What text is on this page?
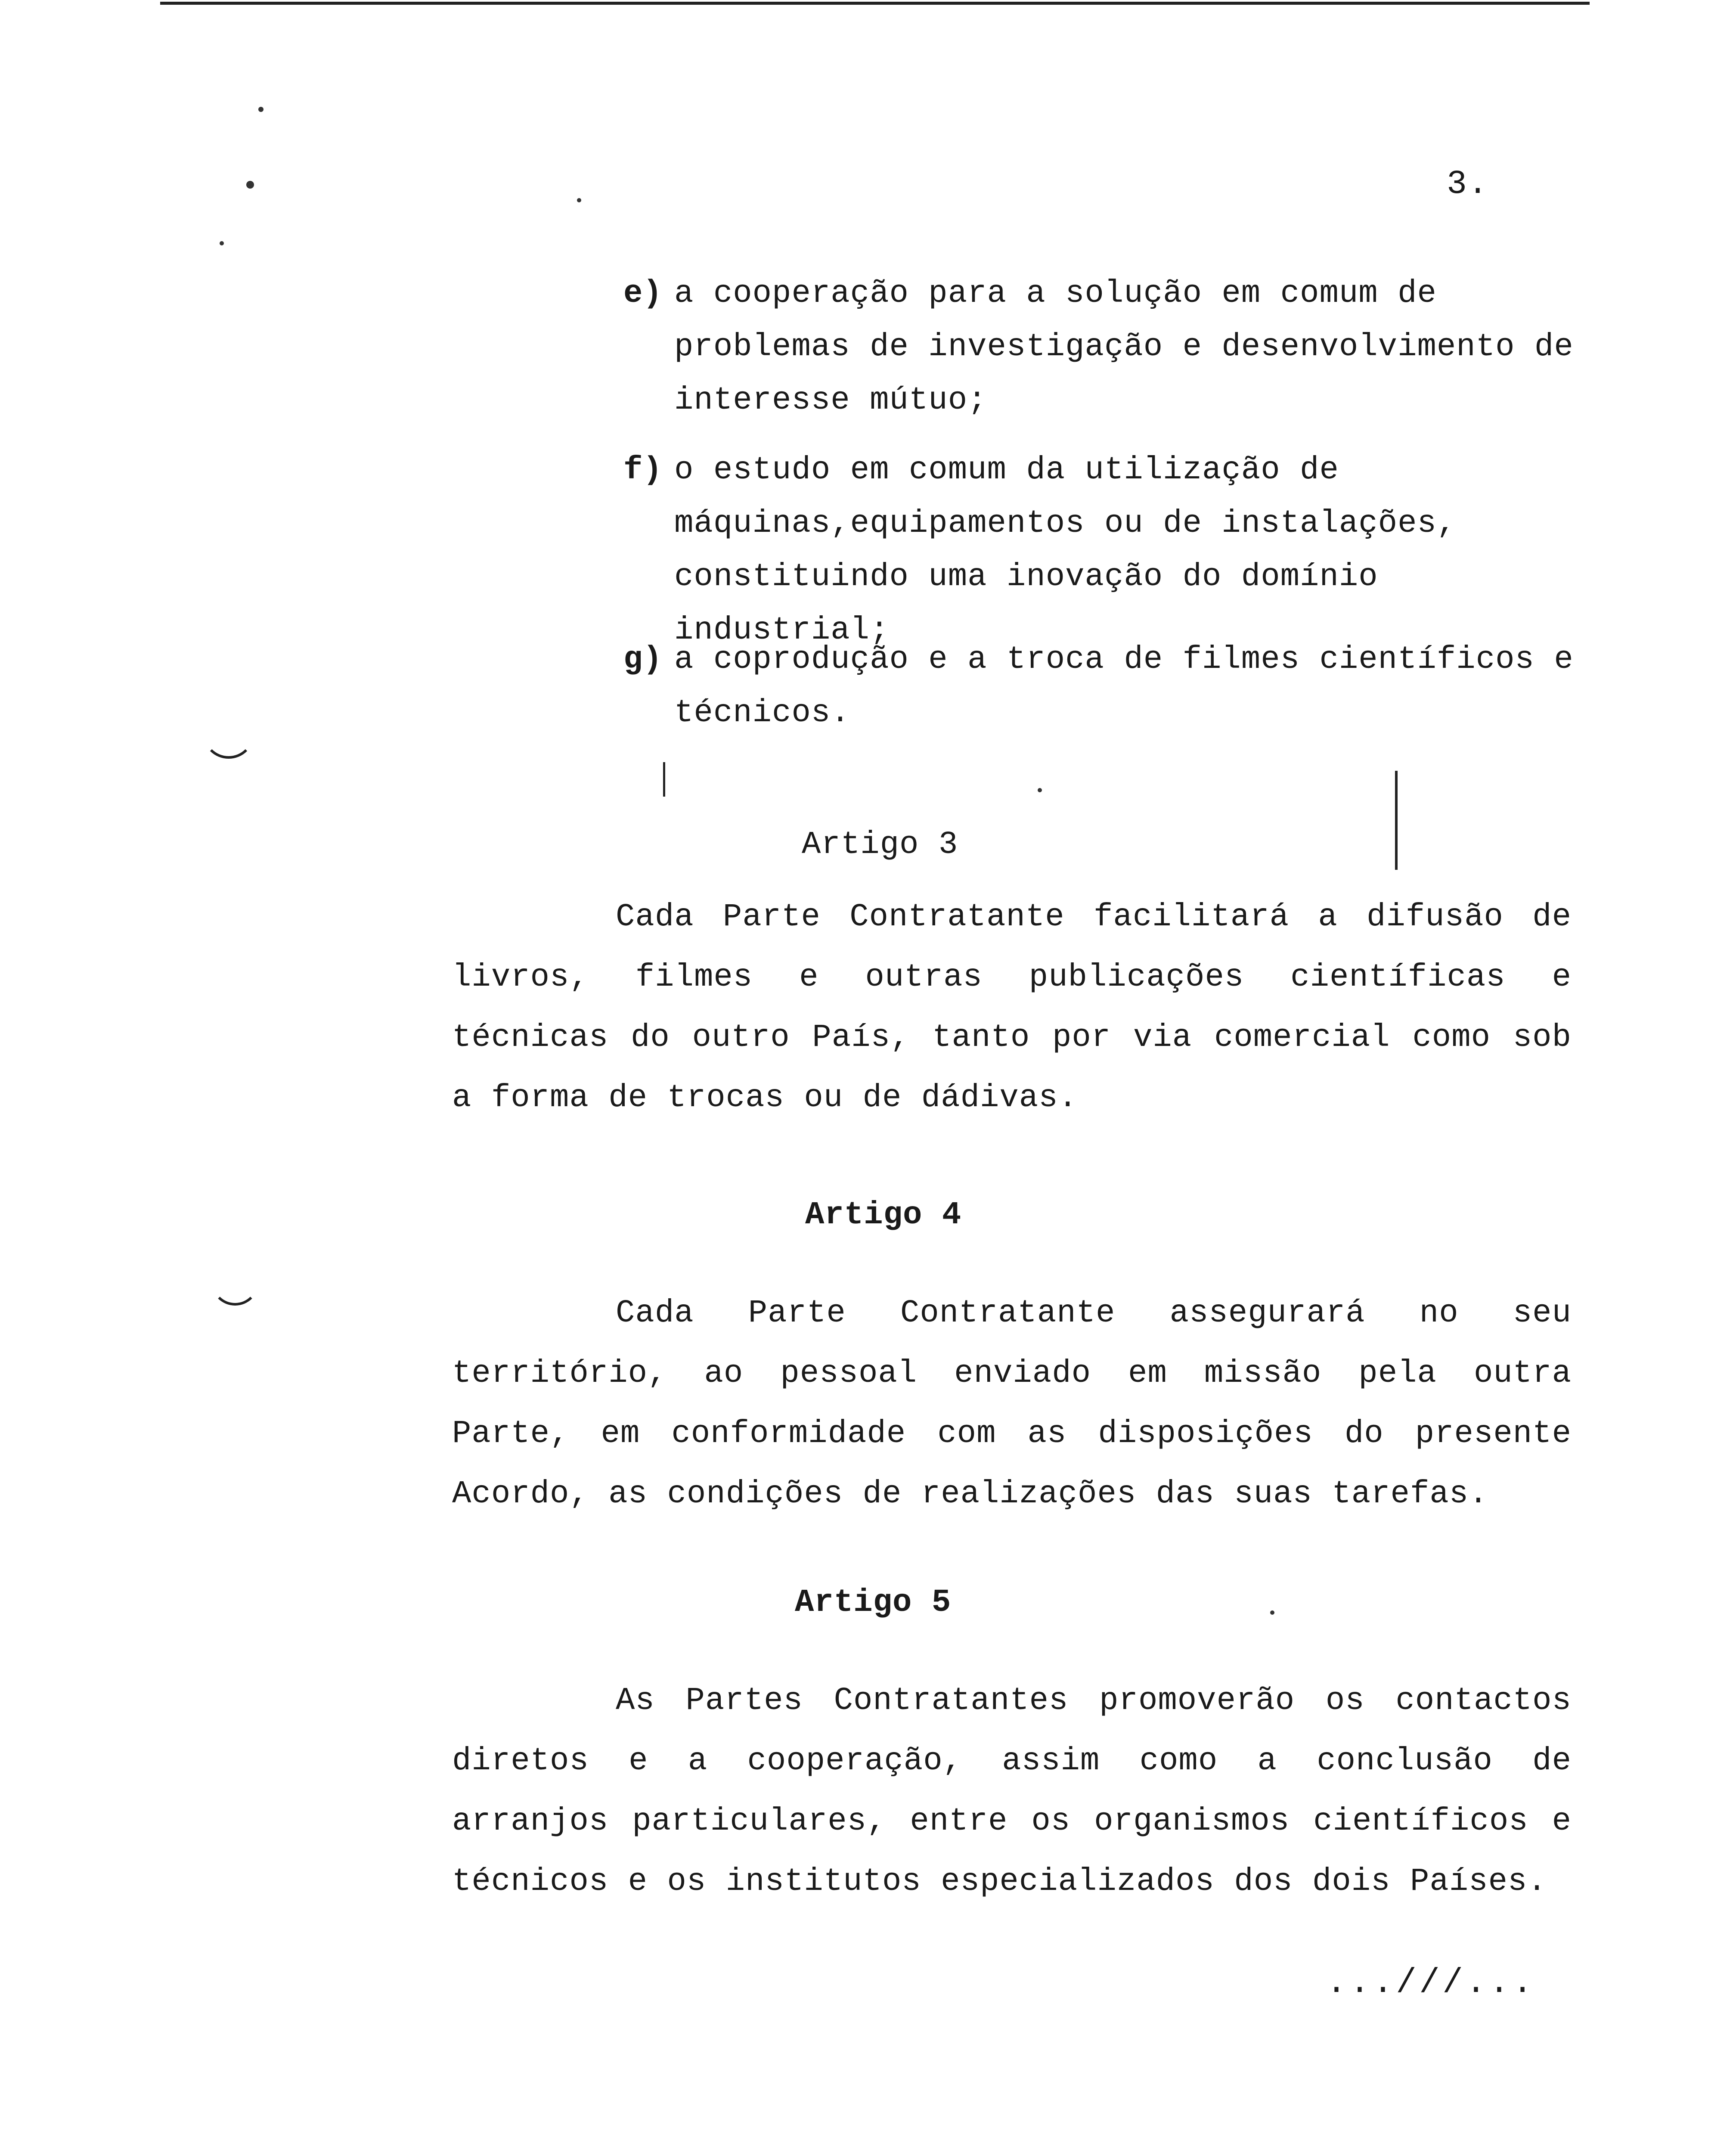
3.
e) a cooperação para a solução em comum de problemas de investigação e desenvolvimento de interesse mútuo;
f) o estudo em comum da utilização de máquinas,equipamentos ou de instalações, constituindo uma inovação do domínio industrial;
g) a coprodução e a troca de filmes científicos e técnicos.
Artigo 3
Cada Parte Contratante facilitará a difusão de livros, filmes e outras publicações científicas e técnicas do outro País, tanto por via comercial como sob a forma de trocas ou de dádivas.
Artigo 4
Cada Parte Contratante assegurará no seu território, ao pessoal enviado em missão pela outra Parte, em conformidade com as disposições do presente Acordo, as condições de realizações das suas tarefas.
Artigo 5
As Partes Contratantes promoverão os contactos diretos e a cooperação, assim como a conclusão de arranjos particulares, entre os organismos científicos e técnicos e os institutos especializados dos dois Países.
...///...
